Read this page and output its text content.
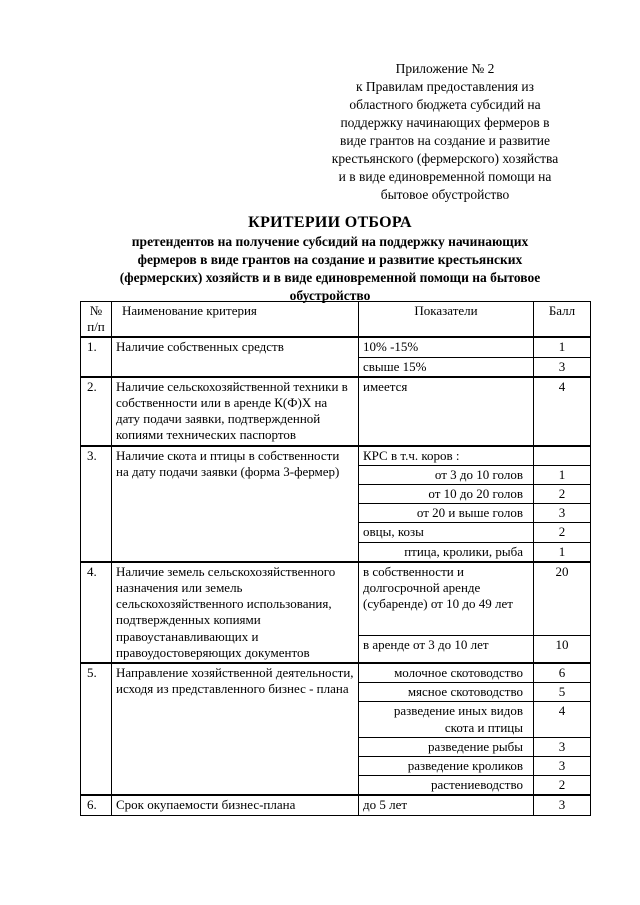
Приложение № 2
к Правилам предоставления из
областного бюджета субсидий на
поддержку начинающих фермеров в
виде грантов на создание и развитие
крестьянского (фермерского) хозяйства
и в виде единовременной помощи на
бытовое обустройство
КРИТЕРИИ ОТБОРА
претендентов на получение субсидий на поддержку начинающих
фермеров в виде грантов на создание и развитие крестьянских
(фермерских) хозяйств и в виде единовременной помощи на бытовое
обустройство
№ п/п	Наименование критерия	Показатели	Балл
1.	Наличие собственных средств	10% -15%	1
		свыше 15%	3
2.	Наличие сельскохозяйственной техники в собственности или в аренде К(Ф)Х на дату подачи заявки, подтвержденной копиями технических паспортов	имеется	4
3.	Наличие скота и птицы в собственности на дату подачи заявки (форма 3-фермер)	КРС в т.ч. коров :	
		от 3 до 10 голов	1
		от 10 до 20 голов	2
		от 20 и выше голов	3
		овцы, козы	2
		птица, кролики, рыба	1
4.	Наличие земель сельскохозяйственного назначения или земель сельскохозяйственного использования, подтвержденных копиями правоустанавливающих и правоудостоверяющих документов	в собственности и долгосрочной аренде (субаренде) от 10 до 49 лет	20
		в аренде от 3 до 10 лет	10
5.	Направление хозяйственной деятельности, исходя из представленного бизнес - плана	молочное скотоводство	6
		мясное скотоводство	5
		разведение иных видов скота и птицы	4
		разведение рыбы	3
		разведение кроликов	3
		растениеводство	2
6.	Срок окупаемости бизнес-плана	до 5 лет	3
